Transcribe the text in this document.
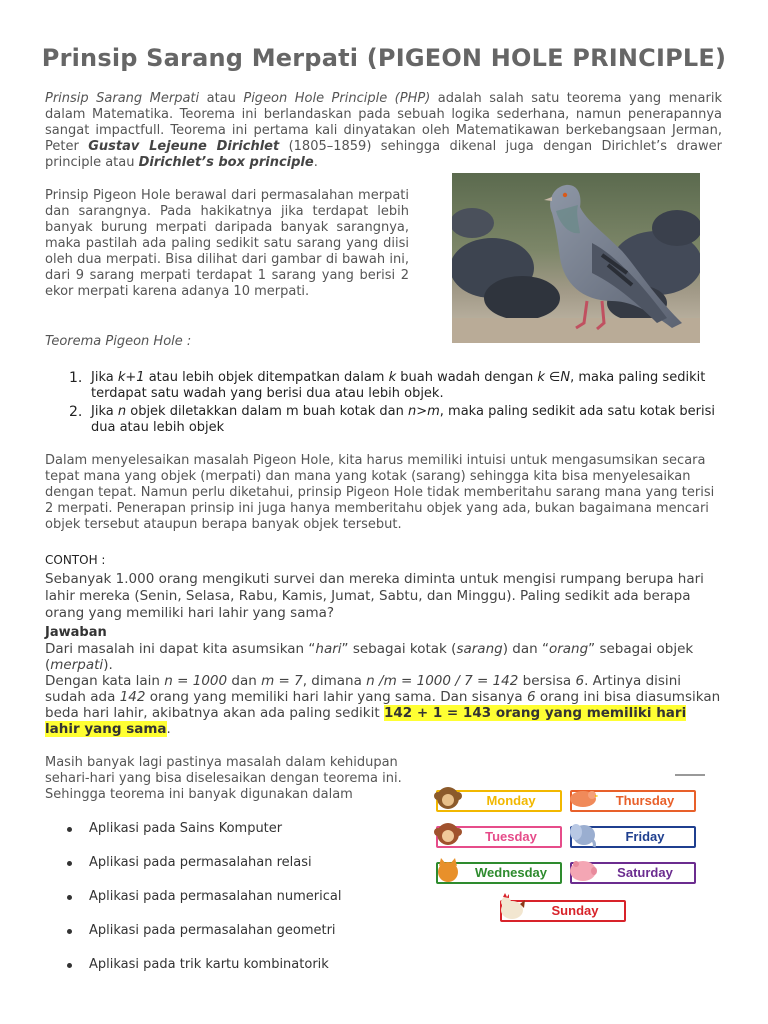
Prinsip Sarang Merpati (PIGEON HOLE PRINCIPLE)
Prinsip Sarang Merpati atau Pigeon Hole Principle (PHP) adalah salah satu teorema yang menarik dalam Matematika. Teorema ini berlandaskan pada sebuah logika sederhana, namun penerapannya sangat impactfull. Teorema ini pertama kali dinyatakan oleh Matematikawan berkebangsaan Jerman, Peter Gustav Lejeune Dirichlet (1805–1859) sehingga dikenal juga dengan Dirichlet’s drawer principle atau Dirichlet’s box principle.
Prinsip Pigeon Hole berawal dari permasalahan merpati dan sarangnya. Pada hakikatnya jika terdapat lebih banyak burung merpati daripada banyak sarangnya, maka pastilah ada paling sedikit satu sarang yang diisi oleh dua merpati. Bisa dilihat dari gambar di bawah ini, dari 9 sarang merpati terdapat 1 sarang yang berisi 2 ekor merpati karena adanya 10 merpati.
Teorema Pigeon Hole :
1. Jika k+1 atau lebih objek ditempatkan dalam k buah wadah dengan k ∈N, maka paling sedikit terdapat satu wadah yang berisi dua atau lebih objek.
2. Jika n objek diletakkan dalam m buah kotak dan n>m, maka paling sedikit ada satu kotak berisi dua atau lebih objek
Dalam menyelesaikan masalah Pigeon Hole, kita harus memiliki intuisi untuk mengasumsikan secara tepat mana yang objek (merpati) dan mana yang kotak (sarang) sehingga kita bisa menyelesaikan dengan tepat. Namun perlu diketahui, prinsip Pigeon Hole tidak memberitahu sarang mana yang terisi 2 merpati. Penerapan prinsip ini juga hanya memberitahu objek yang ada, bukan bagaimana mencari objek tersebut ataupun berapa banyak objek tersebut.
CONTOH :
Sebanyak 1.000 orang mengikuti survei dan mereka diminta untuk mengisi rumpang berupa hari lahir mereka (Senin, Selasa, Rabu, Kamis, Jumat, Sabtu, dan Minggu). Paling sedikit ada berapa orang yang memiliki hari lahir yang sama?
Jawaban
Dari masalah ini dapat kita asumsikan “hari” sebagai kotak (sarang) dan “orang” sebagai objek (merpati).
Dengan kata lain n = 1000 dan m = 7, dimana n /m = 1000 / 7 = 142 bersisa 6. Artinya disini sudah ada 142 orang yang memiliki hari lahir yang sama. Dan sisanya 6 orang ini bisa diasumsikan beda hari lahir, akibatnya akan ada paling sedikit 142 + 1 = 143 orang yang memiliki hari lahir yang sama.
Masih banyak lagi pastinya masalah dalam kehidupan sehari-hari yang bisa diselesaikan dengan teorema ini. Sehingga teorema ini banyak digunakan dalam
Aplikasi pada Sains Komputer
Aplikasi pada permasalahan relasi
Aplikasi pada permasalahan numerical
Aplikasi pada permasalahan geometri
Aplikasi pada trik kartu kombinatorik
Monday	Thursday
Tuesday	Friday
Wednesday	Saturday
Sunday
